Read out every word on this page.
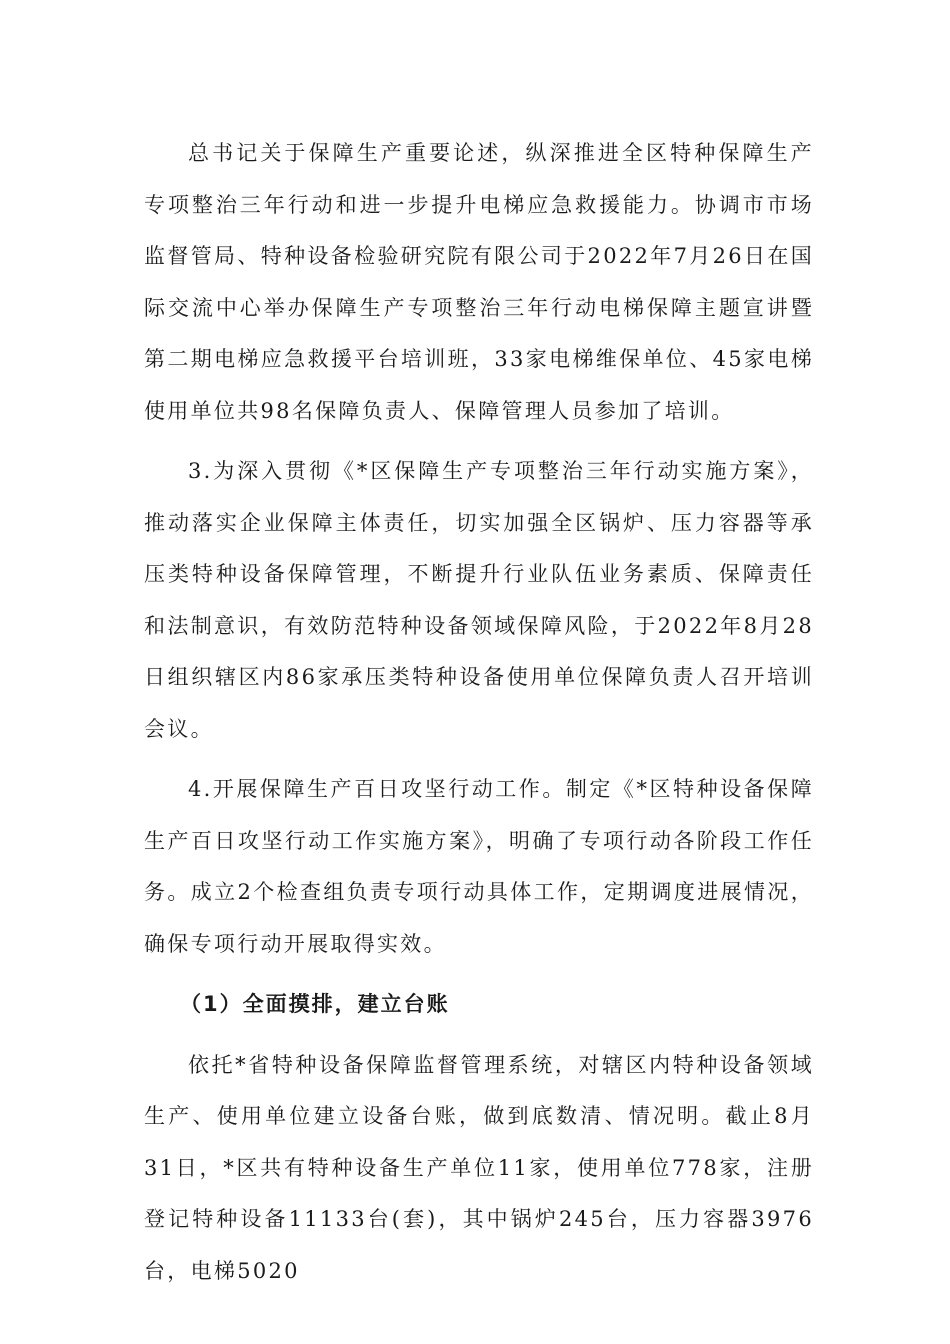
总书记关于保障生产重要论述，纵深推进全区特种保障生产专项整治三年行动和进一步提升电梯应急救援能力。协调市市场监督管局、特种设备检验研究院有限公司于2022年7月26日在国际交流中心举办保障生产专项整治三年行动电梯保障主题宣讲暨第二期电梯应急救援平台培训班，33家电梯维保单位、45家电梯使用单位共98名保障负责人、保障管理人员参加了培训。

3.为深入贯彻《*区保障生产专项整治三年行动实施方案》，推动落实企业保障主体责任，切实加强全区锅炉、压力容器等承压类特种设备保障管理，不断提升行业队伍业务素质、保障责任和法制意识，有效防范特种设备领域保障风险，于2022年8月28日组织辖区内86家承压类特种设备使用单位保障负责人召开培训会议。

4.开展保障生产百日攻坚行动工作。制定《*区特种设备保障生产百日攻坚行动工作实施方案》，明确了专项行动各阶段工作任务。成立2个检查组负责专项行动具体工作，定期调度进展情况，确保专项行动开展取得实效。

（1）全面摸排，建立台账

依托*省特种设备保障监督管理系统，对辖区内特种设备领域生产、使用单位建立设备台账，做到底数清、情况明。截止8月31日，*区共有特种设备生产单位11家，使用单位778家，注册登记特种设备11133台(套)，其中锅炉245台，压力容器3976台，电梯5020
